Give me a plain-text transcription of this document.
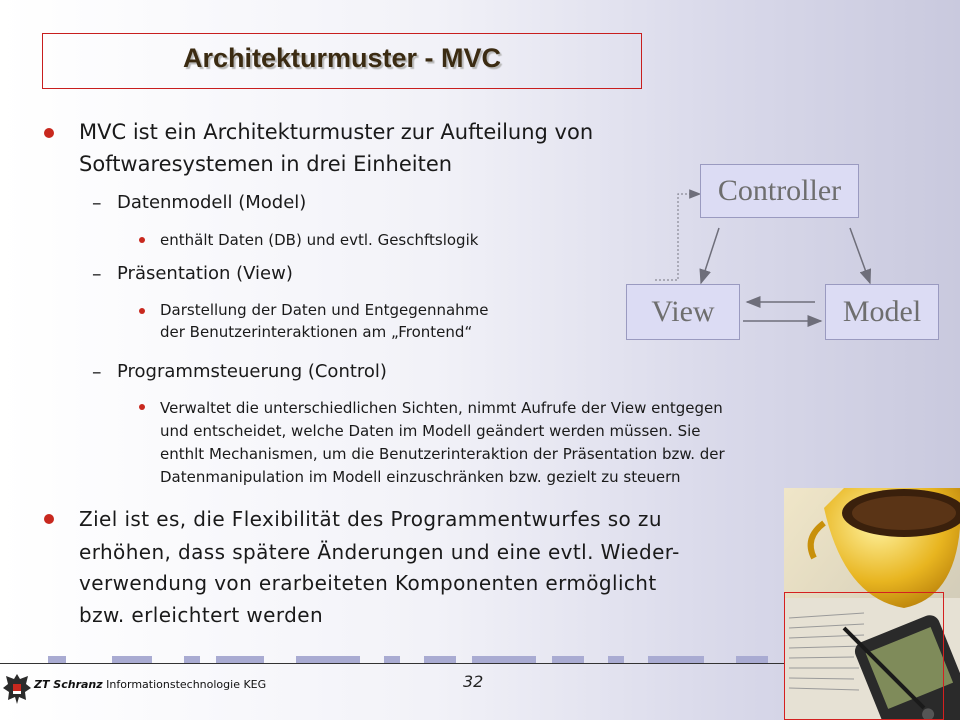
Architekturmuster - MVC
MVC ist ein Architekturmuster zur Aufteilung von
Softwaresystemen in drei Einheiten
– Datenmodell (Model)
enthält Daten (DB) und evtl. Geschftslogik
– Präsentation (View)
Darstellung der Daten und Entgegennahme
der Benutzerinteraktionen am „Frontend“
– Programmsteuerung (Control)
Verwaltet die unterschiedlichen Sichten, nimmt Aufrufe der View entgegen
und entscheidet, welche Daten im Modell geändert werden müssen. Sie
enthlt Mechanismen, um die Benutzerinteraktion der Präsentation bzw. der
Datenmanipulation im Modell einzuschränken bzw. gezielt zu steuern
Ziel ist es, die Flexibilität des Programmentwurfes so zu
erhöhen, dass spätere Änderungen und eine evtl. Wieder-
verwendung von erarbeiteten Komponenten ermöglicht
bzw. erleichtert werden
Controller
View	Model
ZT Schranz Informationstechnologie KEG	32
